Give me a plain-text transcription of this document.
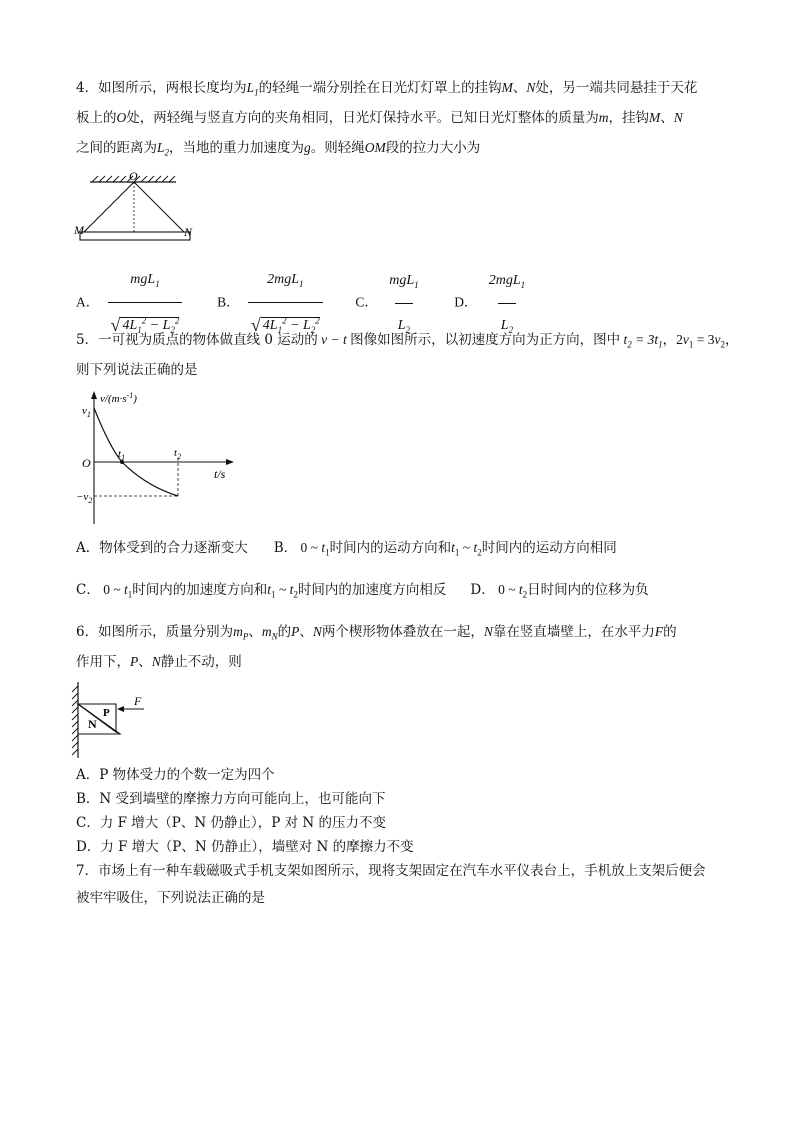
4．如图所示，两根长度均为$L_1$的轻绳一端分别拴在日光灯灯罩上的挂钩M、N处，另一端共同悬挂于天花
板上的O处，两轻绳与竖直方向的夹角相同，日光灯保持水平。已知日光灯整体的质量为m，挂钩M、N
之间的距离为$L_2$，当地的重力加速度为g。则轻绳OM段的拉力大小为
O
M	N
A． $\frac{mgL_1}{√ 4L_1^2 - L_2^2}$	B． $\frac{2mgL_1}{√ 4L_1^2 - L_2^2}$ C． $\frac{mgL_1}{L_2}$ D． $\frac{2mgL_1}{L_2}$
5．一可视为质点的物体做直线 0 运动的 v − t 图像如图所示，以初速度方向为正方向，图中 $t_2 = 3t_1$，$2v_1 = 3v_2$，
则下列说法正确的是
$v/(m\cdot s^{-1})$
$v_1$
O
$t_1$	$t_2$
t/s
$-v_2$
A．物体受到的合力逐渐变大 B． 0 ~ $t_1$时间内的运动方向和$t_1$ ~ $t_2$时间内的运动方向相同
C． 0 ~ $t_1$时间内的加速度方向和$t_1$ ~ $t_2$时间内的加速度方向相反 D． 0 ~ $t_2$日时间内的位移为负
6．如图所示，质量分别为$m_P$、$m_N$的P、N两个楔形物体叠放在一起，N靠在竖直墙壁上，在水平力F的
作用下，P、N静止不动，则
N
P
F
A．P 物体受力的个数一定为四个
B．N 受到墙壁的摩擦力方向可能向上，也可能向下
C．力 F 增大（P、N 仍静止），P 对 N 的压力不变
D．力 F 增大（P、N 仍静止），墙壁对 N 的摩擦力不变
7．市场上有一种车载磁吸式手机支架如图所示，现将支架固定在汽车水平仪表台上，手机放上支架后便会
被牢牢吸住，下列说法正确的是
